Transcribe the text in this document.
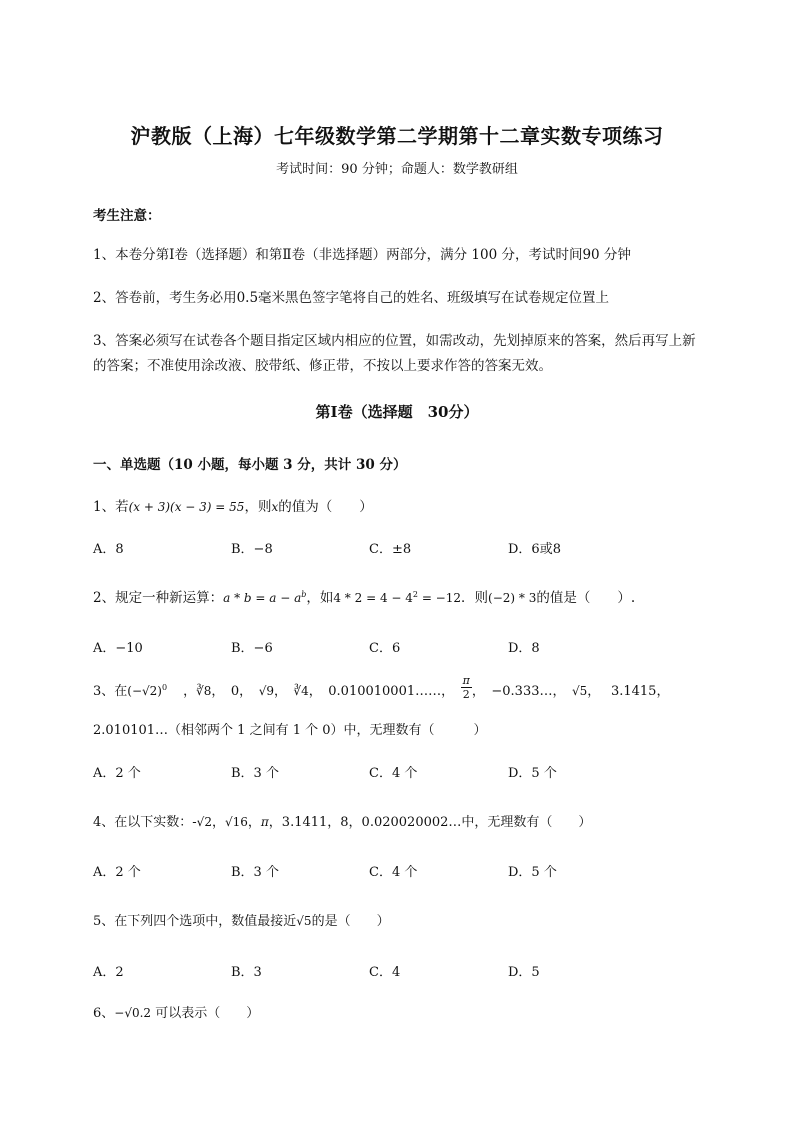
沪教版（上海）七年级数学第二学期第十二章实数专项练习
考试时间：90 分钟；命题人：数学教研组
考生注意：
1、本卷分第Ⅰ卷（选择题）和第Ⅱ卷（非选择题）两部分，满分 100 分，考试时间90 分钟
2、答卷前，考生务必用0.5毫米黑色签字笔将自己的姓名、班级填写在试卷规定位置上
3、答案必须写在试卷各个题目指定区域内相应的位置，如需改动，先划掉原来的答案，然后再写上新
的答案；不准使用涂改液、胶带纸、修正带，不按以上要求作答的答案无效。
第Ⅰ卷（选择题　30分）
一、单选题（10 小题，每小题 3 分，共计 30 分）
1、若(x + 3)(x − 3) = 55，则x的值为（　　）
A．8	B．−8	C．±8	D．6或8
2、规定一种新运算：$a * b = a - a^b$，如$4 * 2 = 4 - 4^2 = -12$．则(−2) * 3的值是（　　）.
A．−10	B．−6	C．6	D．8
3、在$(-√2)^0$ ，∛8，　0，　√9，　∛4，　0.010010001……，　 $\frac{\pi}{2}$ ，　−0.333…，　√5，　 3.1415，
2.010101…（相邻两个 1 之间有 1 个 0）中，无理数有（　　　）
A．2 个	B．3 个	C．4 个	D．5 个
4、在以下实数：-√2，√16，π，3.1411，8，0.020020002…中，无理数有（　　）
A．2 个	B．3 个	C．4 个	D．5 个
5、在下列四个选项中，数值最接近√5的是（　　）
A．2	B．3	C．4	D．5
6、−√0.2 可以表示（　　）
